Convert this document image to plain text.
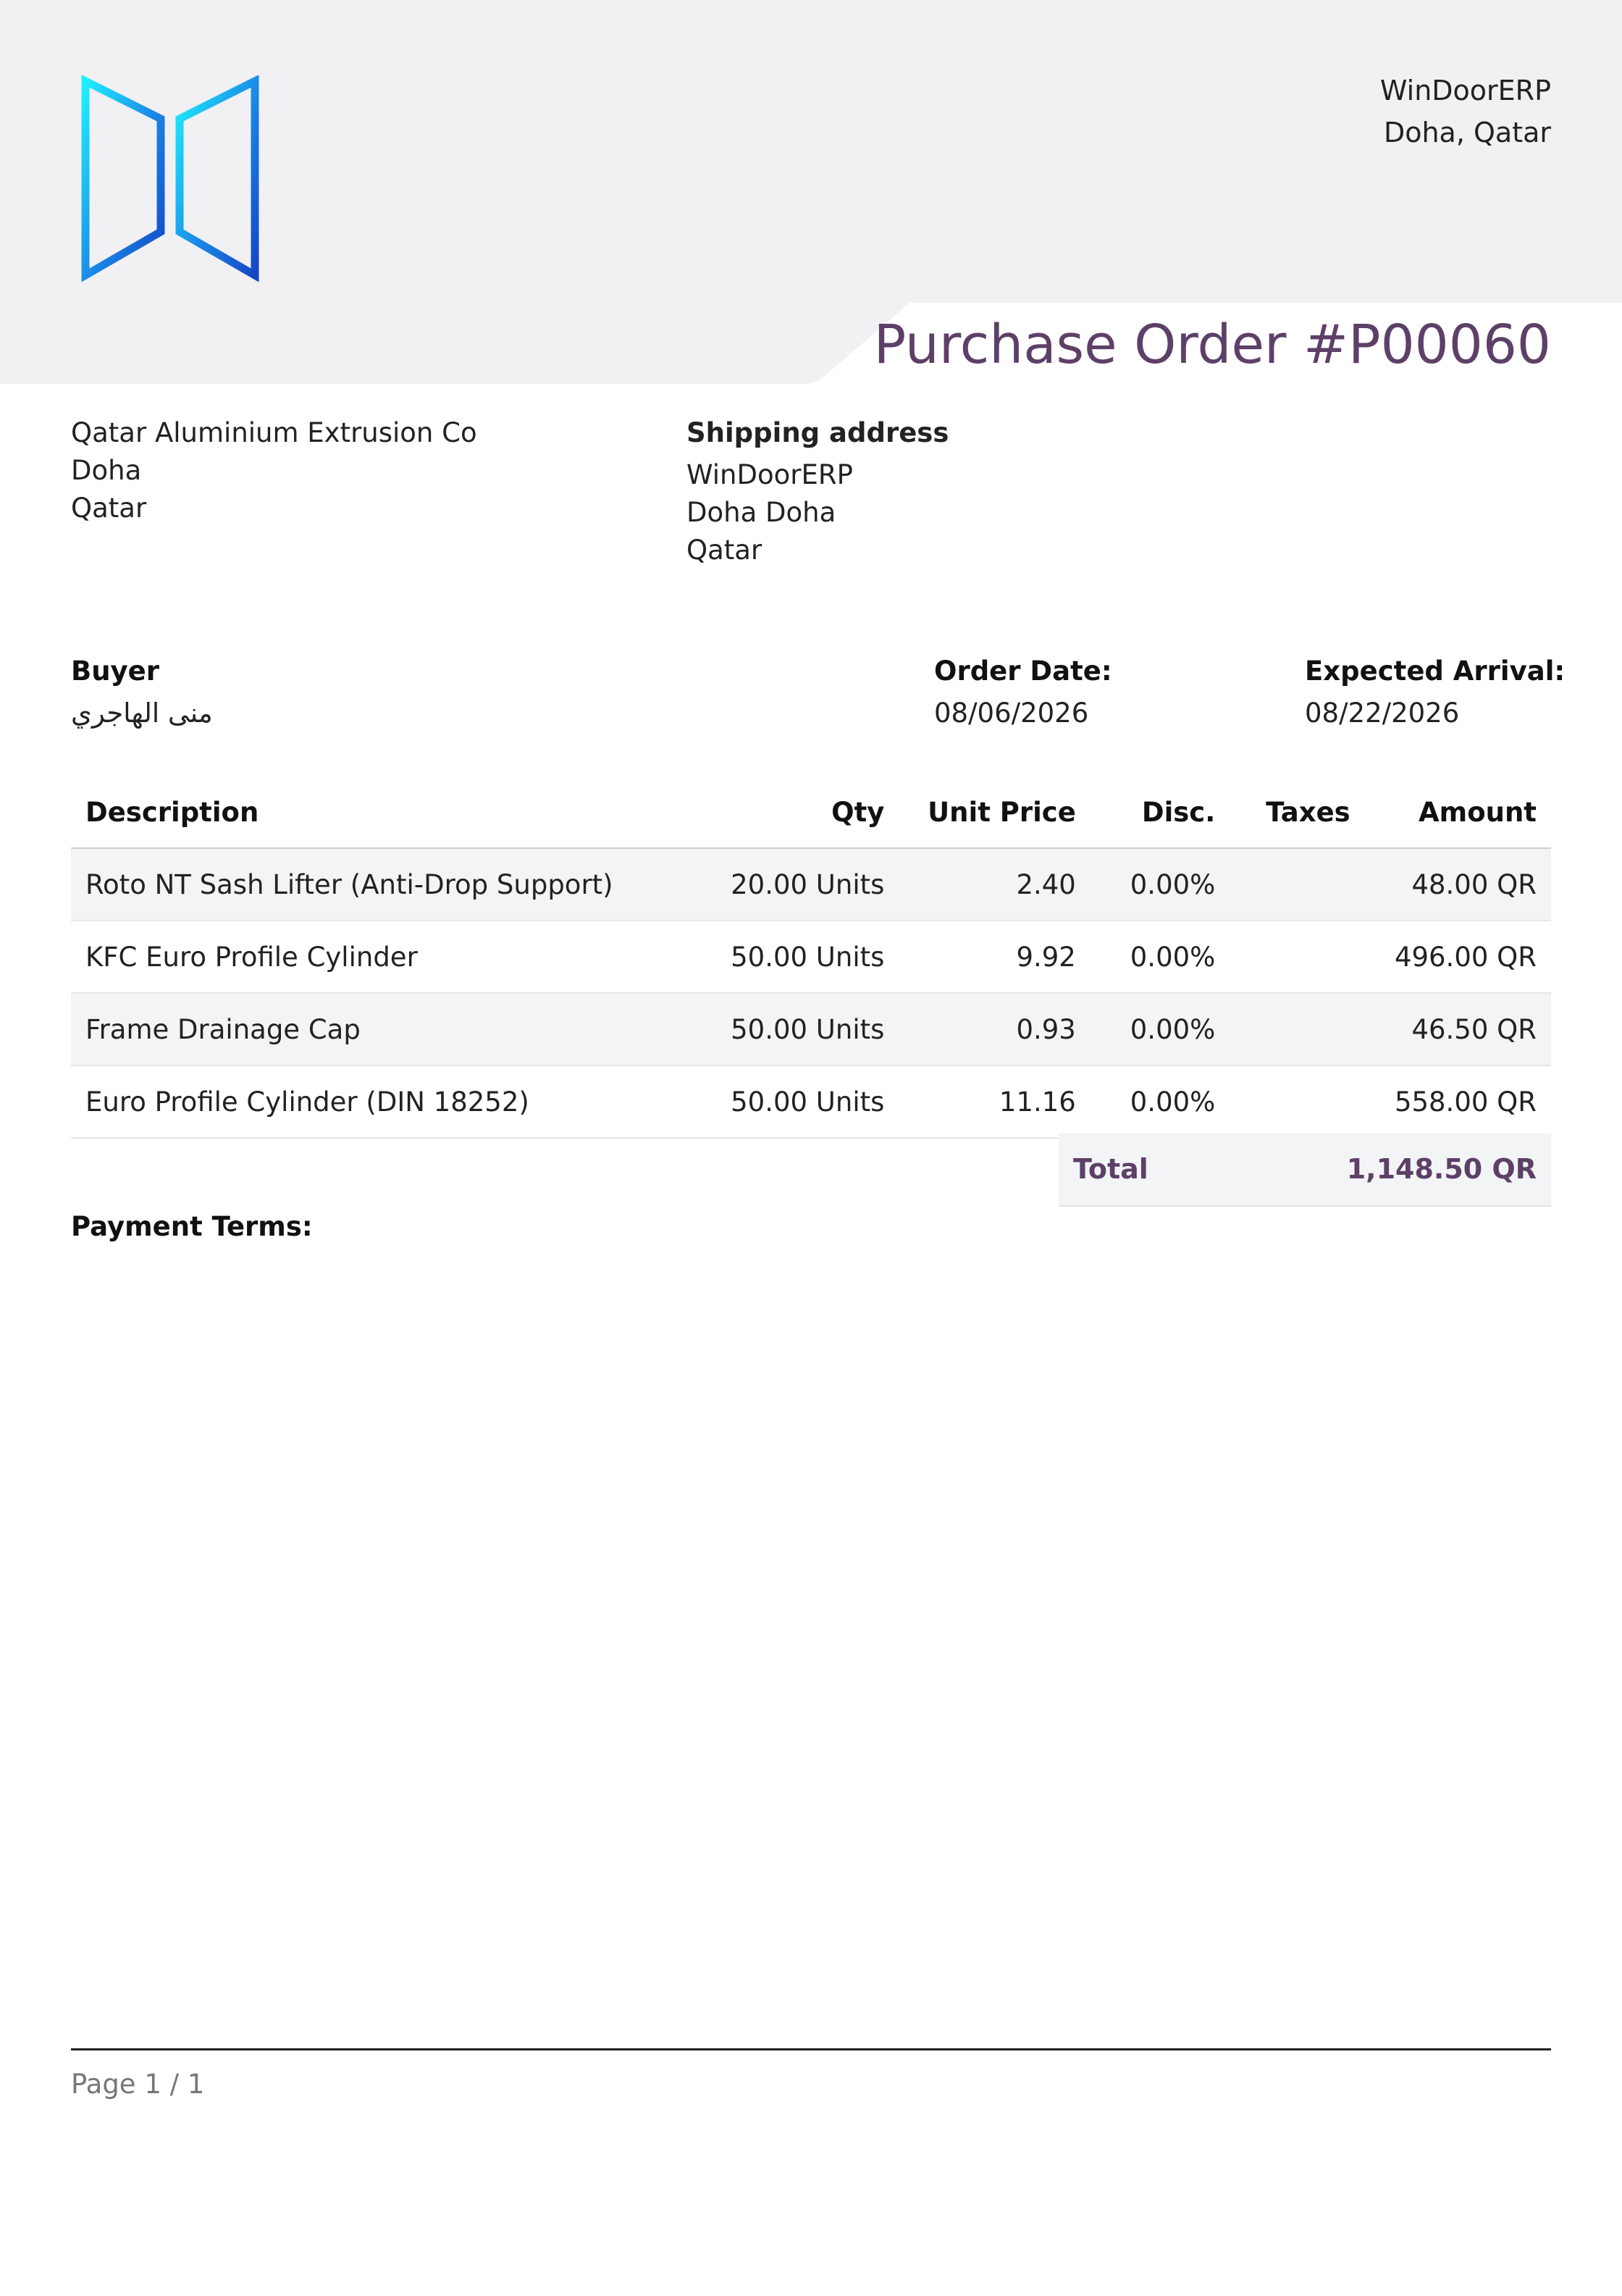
WinDoorERP
Doha, Qatar
Purchase Order #P00060
Qatar Aluminium Extrusion Co
Doha
Qatar
Shipping address
WinDoorERP
Doha Doha
Qatar
Buyer
منى الهاجري
Order Date:
08/06/2026
Expected Arrival:
08/22/2026
Description	Qty	Unit Price	Disc.	Taxes	Amount
Roto NT Sash Lifter (Anti-Drop Support)	20.00 Units	2.40	0.00%		48.00 QR
KFC Euro Profile Cylinder	50.00 Units	9.92	0.00%		496.00 QR
Frame Drainage Cap	50.00 Units	0.93	0.00%		46.50 QR
Euro Profile Cylinder (DIN 18252)	50.00 Units	11.16	0.00%		558.00 QR
Total	1,148.50 QR
Payment Terms:
Page 1 / 1
